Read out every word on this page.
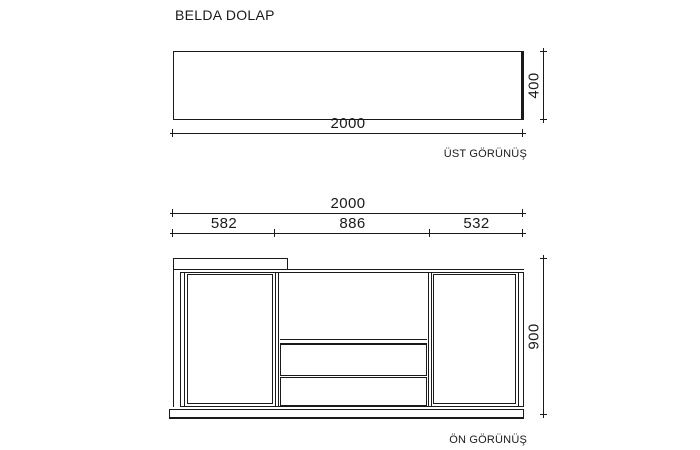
BELDA DOLAP
2000
400
ÜST GÖRÜNÜŞ
2000
582	886	532
900
ÖN GÖRÜNÜŞ
